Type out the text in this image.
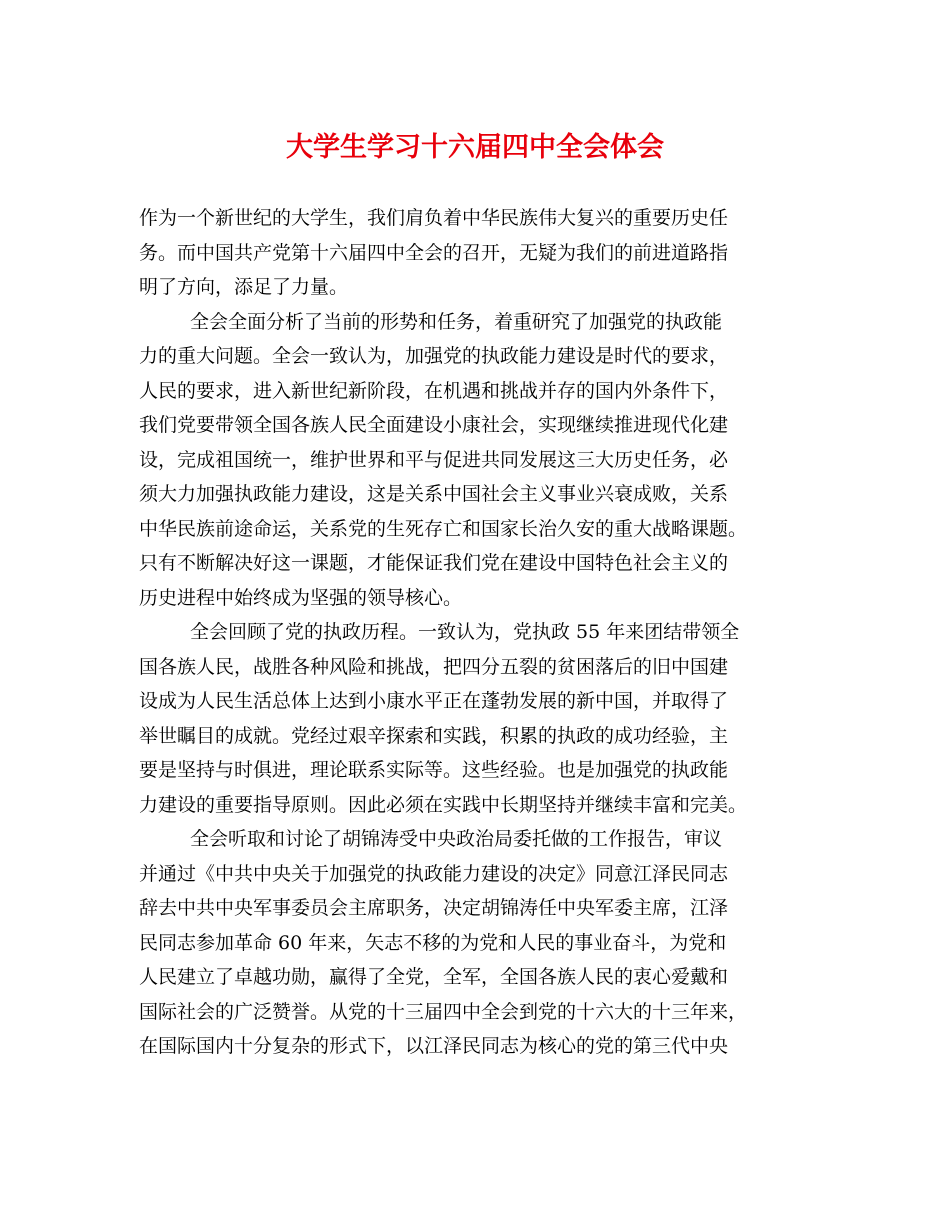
大学生学习十六届四中全会体会
作为一个新世纪的大学生，我们肩负着中华民族伟大复兴的重要历史任
务。而中国共产党第十六届四中全会的召开，无疑为我们的前进道路指
明了方向，添足了力量。
全会全面分析了当前的形势和任务，着重研究了加强党的执政能
力的重大问题。全会一致认为，加强党的执政能力建设是时代的要求，
人民的要求，进入新世纪新阶段，在机遇和挑战并存的国内外条件下，
我们党要带领全国各族人民全面建设小康社会，实现继续推进现代化建
设，完成祖国统一，维护世界和平与促进共同发展这三大历史任务，必
须大力加强执政能力建设，这是关系中国社会主义事业兴衰成败，关系
中华民族前途命运，关系党的生死存亡和国家长治久安的重大战略课题。
只有不断解决好这一课题，才能保证我们党在建设中国特色社会主义的
历史进程中始终成为坚强的领导核心。
全会回顾了党的执政历程。一致认为，党执政 55 年来团结带领全
国各族人民，战胜各种风险和挑战，把四分五裂的贫困落后的旧中国建
设成为人民生活总体上达到小康水平正在蓬勃发展的新中国，并取得了
举世瞩目的成就。党经过艰辛探索和实践，积累的执政的成功经验，主
要是坚持与时俱进，理论联系实际等。这些经验。也是加强党的执政能
力建设的重要指导原则。因此必须在实践中长期坚持并继续丰富和完美。
全会听取和讨论了胡锦涛受中央政治局委托做的工作报告，审议
并通过《中共中央关于加强党的执政能力建设的决定》同意江泽民同志
辞去中共中央军事委员会主席职务，决定胡锦涛任中央军委主席，江泽
民同志参加革命 60 年来，矢志不移的为党和人民的事业奋斗，为党和
人民建立了卓越功勋，赢得了全党，全军，全国各族人民的衷心爱戴和
国际社会的广泛赞誉。从党的十三届四中全会到党的十六大的十三年来，
在国际国内十分复杂的形式下，以江泽民同志为核心的党的第三代中央
